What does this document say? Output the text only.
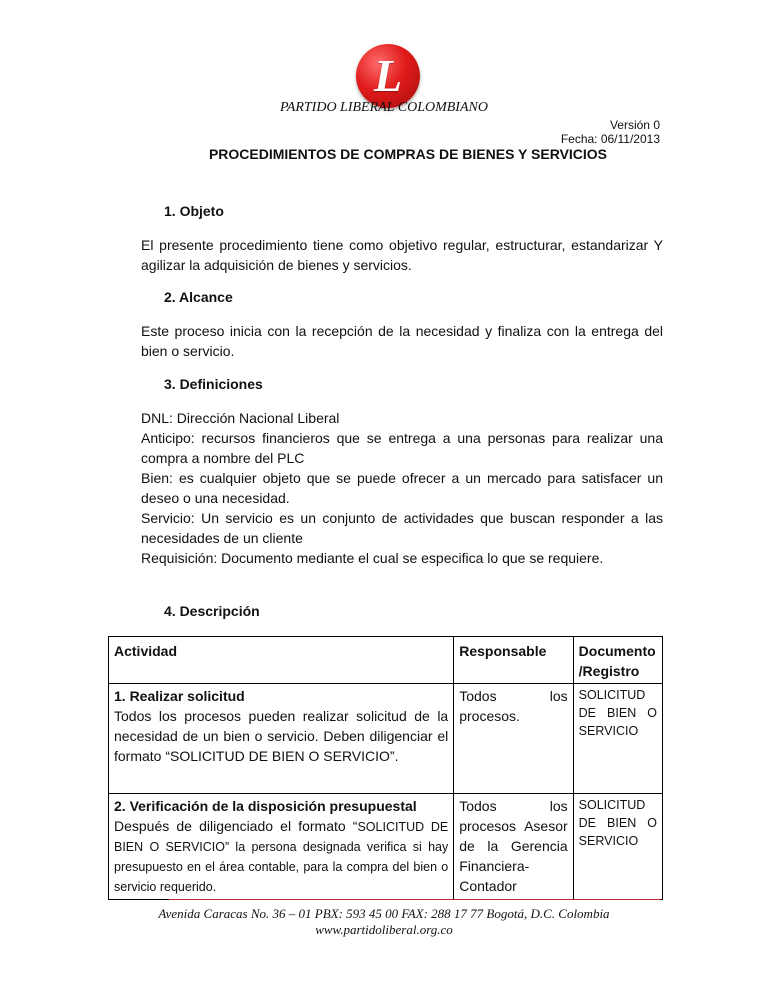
L
PARTIDO LIBERAL COLOMBIANO
Versión 0
Fecha: 06/11/2013
PROCEDIMIENTOS DE COMPRAS DE BIENES Y SERVICIOS
1. Objeto
El presente procedimiento tiene como objetivo regular, estructurar, estandarizar Y agilizar la adquisición de bienes y servicios.
2. Alcance
Este proceso inicia con la recepción de la necesidad y finaliza con la entrega del bien o servicio.
3. Definiciones

DNL: Dirección Nacional Liberal

Anticipo: recursos financieros que se entrega a una personas para realizar una compra a nombre del PLC

Bien: es cualquier objeto que se puede ofrecer a un mercado para satisfacer un deseo o una necesidad.

Servicio: Un servicio es un conjunto de actividades que buscan responder a las necesidades de un cliente

Requisición: Documento mediante el cual se especifica lo que se requiere.

4. Descripción
Actividad	Responsable	Documento /Registro

1. Realizar solicitud
Todos los procesos pueden realizar solicitud de la necesidad de un bien o servicio. Deben diligenciar el formato “SOLICITUD DE BIEN O SERVICIO”.	Todos los procesos.	SOLICITUD DE BIEN O SERVICIO

2. Verificación de la disposición presupuestal
Después de diligenciado el formato “SOLICITUD DE BIEN O SERVICIO” la persona designada verifica si hay presupuesto en el área contable, para la compra del bien o servicio requerido.	Todos los procesos Asesor de la Gerencia Financiera- Contador	SOLICITUD DE BIEN O SERVICIO
Avenida Caracas No. 36 – 01 PBX: 593 45 00 FAX: 288 17 77 Bogotá, D.C. Colombia
www.partidoliberal.org.co
